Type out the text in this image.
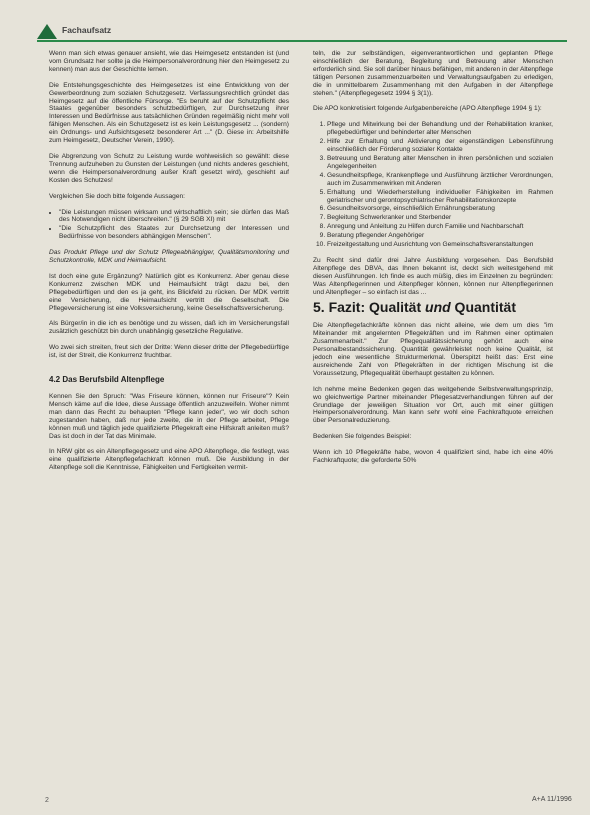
Fachaufsatz

Wenn man sich etwas genauer ansieht, wie das Heimgesetz entstanden ist (und vom Grundsatz her sollte ja die Heimpersonalverordnung hier den Heimgesetz zu kennen) man aus der Geschichte lernen.

Die Entstehungsgeschichte des Heimgesetzes ist eine Entwicklung von der Gewerbeordnung zum sozialen Schutzgesetz. Verfassungsrechtlich gründet das Heimgesetz auf die öffentliche Fürsorge. "Es beruht auf der Schutzpflicht des Staates gegenüber besonders schutzbedürftigen, zur Durchsetzung ihrer Interessen und Bedürfnisse aus tatsächlichen Gründen regelmäßig nicht mehr voll fähigen Menschen. Als ein Schutzgesetz ist es kein Leistungsgesetz ... (sondern) ein Ordnungs- und Aufsichtsgesetz besonderer Art ..." (D. Giese in: Arbeitshilfe zum Heimgesetz, Deutscher Verein, 1990).

Die Abgrenzung von Schutz zu Leistung wurde wohlweislich so gewählt: diese Trennung aufzuheben zu Gunsten der Leistungen (und nichts anderes geschieht, wenn die Heimpersonalverordnung außer Kraft gesetzt wird), geschieht auf Kosten des Schutzes!

Vergleichen Sie doch bitte folgende Aussagen:

• "Die Leistungen müssen wirksam und wirtschaftlich sein; sie dürfen das Maß des Notwendigen nicht überschreiten." (§ 29 SGB XI) mit
• "Die Schutzpflicht des Staates zur Durchsetzung der Interessen und Bedürfnisse von besonders abhängigen Menschen".

Das Produkt Pflege und der Schutz Pflegeabhängiger, Qualitätsmonitoring und Schutzkontrolle, MDK und Heimaufsicht.

Ist doch eine gute Ergänzung? Natürlich gibt es Konkurrenz. Aber genau diese Konkurrenz zwischen MDK und Heimaufsicht trägt dazu bei, den Pflegebedürftigen und den es ja geht, ins Blickfeld zu rücken. Der MDK vertritt eine Versicherung, die Heimaufsicht vertritt die Gesellschaft. Die Pflegeversicherung ist eine Volksversicherung, keine Gesellschaftsversicherung.

Als Bürger/in in die ich es benötige und zu wissen, daß ich im Versicherungsfall zusätzlich geschützt bin durch unabhängig gesetzliche Regulative.

Wo zwei sich streiten, freut sich der Dritte: Wenn dieser dritte der Pflegebedürftige ist, ist der Streit, die Konkurrenz fruchtbar.

4.2 Das Berufsbild Altenpflege

Kennen Sie den Spruch: "Was Friseure können, können nur Friseure"? Kein Mensch käme auf die Idee, diese Aussage öffentlich anzuzweifeln. Woher nimmt man dann das Recht zu behaupten "Pflege kann jeder", wo wir doch schon zugestanden haben, daß nur jede zweite, die in der Pflege arbeitet, Pflege können muß und täglich jede qualifizierte Pflegekraft eine Hilfskraft anleiten muß? Das ist doch in der Tat das Minimale.

In NRW gibt es ein Altenpflegegesetz und eine APO Altenpflege, die festlegt, was eine qualifizierte Altenpflegefachkraft können muß. Die Ausbildung in der Altenpflege soll die Kenntnisse, Fähigkeiten und Fertigkeiten vermit-

teln, die zur selbständigen, eigenverantwortlichen und geplanten Pflege einschließlich der Beratung, Begleitung und Betreuung alter Menschen erforderlich sind. Sie soll darüber hinaus befähigen, mit anderen in der Altenpflege tätigen Personen zusammenzuarbeiten und Verwaltungsaufgaben zu erledigen, die in unmittelbarem Zusammenhang mit den Aufgaben in der Altenpflege stehen." (Altenpflegegesetz 1994 § 3(1)).

Die APO konkretisiert folgende Aufgabenbereiche (APO Altenpflege 1994 § 1):

1. Pflege und Mitwirkung bei der Behandlung und der Rehabilitation kranker, pflegebedürftiger und behinderter alter Menschen
2. Hilfe zur Erhaltung und Aktivierung der eigenständigen Lebensführung einschließlich der Förderung sozialer Kontakte
3. Betreuung und Beratung alter Menschen in ihren persönlichen und sozialen Angelegenheiten
4. Gesundheitspflege, Krankenpflege und Ausführung ärztlicher Verordnungen, auch im Zusammenwirken mit Anderen
5. Erhaltung und Wiederherstellung individueller Fähigkeiten im Rahmen geriatrischer und gerontopsychiatrischer Rehabilitationskonzepte
6. Gesundheitsvorsorge, einschließlich Ernährungsberatung
7. Begleitung Schwerkranker und Sterbender
8. Anregung und Anleitung zu Hilfen durch Familie und Nachbarschaft
9. Beratung pflegender Angehöriger
10. Freizeitgestaltung und Ausrichtung von Gemeinschaftsveranstaltungen

Zu Recht sind dafür drei Jahre Ausbildung vorgesehen. Das Berufsbild Altenpflege des DBVA, das Ihnen bekannt ist, deckt sich weitestgehend mit diesen Ausführungen. Ich finde es auch müßig, dies im Einzelnen zu begründen: Was Altenpflegerinnen und Altenpfleger können, können nur Altenpflegerinnen und Altenpfleger – so einfach ist das ...

5. Fazit: Qualität und Quantität

Die Altenpflegefachkräfte können das nicht alleine, wie dem um dies "im Miteinander mit angelernten Pflegekräften und im Rahmen einer optimalen Zusammenarbeit." Zur Pflegequalitätssicherung gehört auch eine Personalbestandssicherung. Quantität gewährleistet noch keine Qualität, ist jedoch eine wesentliche Strukturmerkmal. Überspitzt heißt das: Erst eine ausreichende Zahl von Pflegekräften in der richtigen Mischung ist die Voraussetzung, Pflegequalität überhaupt gestalten zu können.

Ich nehme meine Bedenken gegen das weitgehende Selbstverwaltungsprinzip, wo gleichwertige Partner miteinander Pflegesatzverhandlungen führen auf der Grundlage der jeweiligen Situation vor Ort, auch mit einer gültigen Heimpersonalverordnung. Man kann sehr wohl eine Fachkraftquote erreichen über Personalreduzierung.

Bedenken Sie folgendes Beispiel:

Wenn ich 10 Pflegekräfte habe, wovon 4 qualifiziert sind, habe ich eine 40% Fachkraftquote; die geforderte 50%

2	A+A 11/1996
